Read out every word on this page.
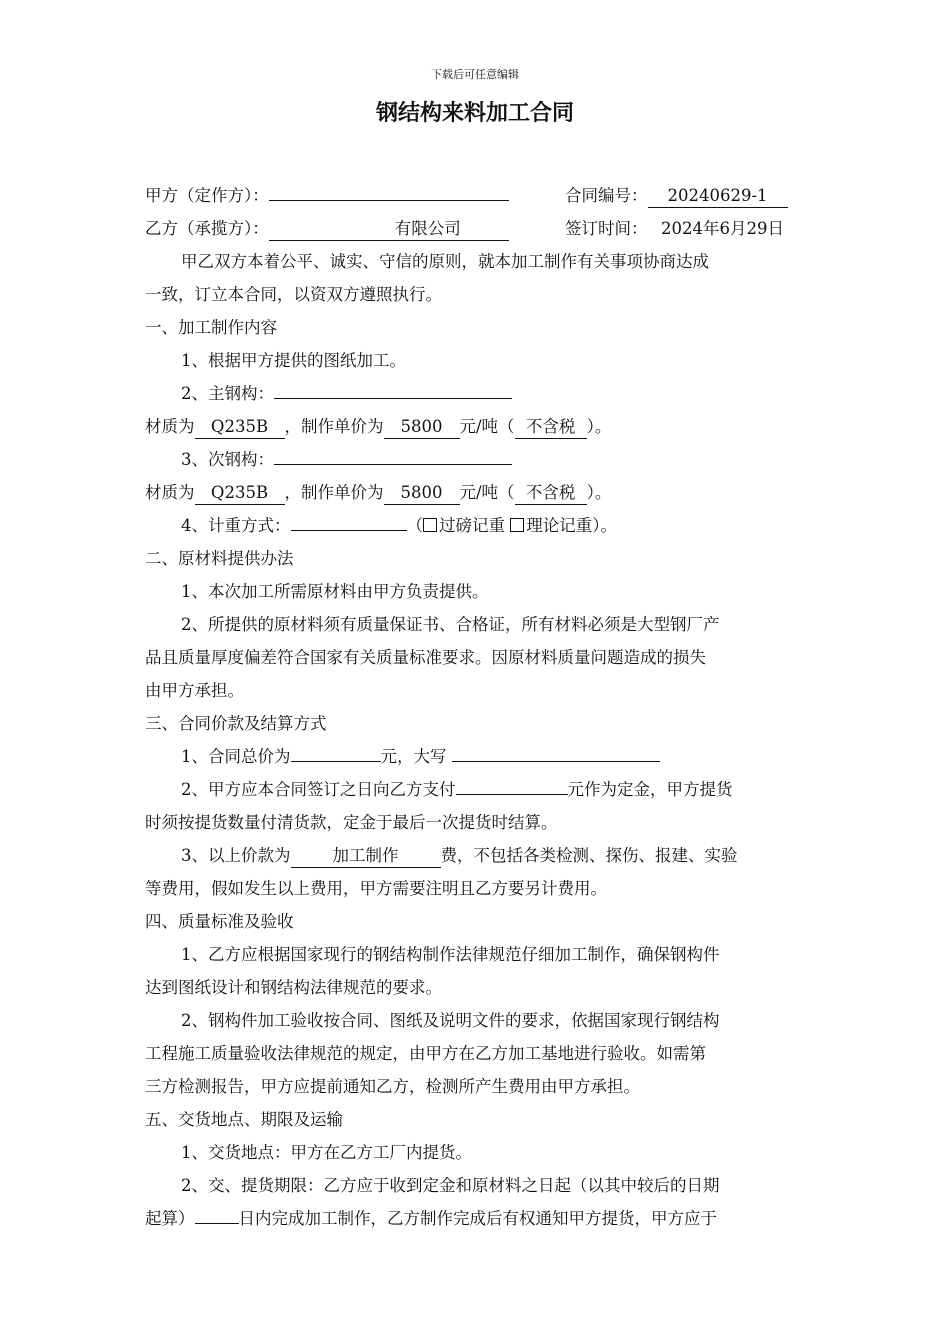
下载后可任意编辑
钢结构来料加工合同
甲方（定作方）：	合同编号： 20240629-1
乙方（承揽方）：	有限公司	签订时间： 2024年6月29日
甲乙双方本着公平、诚实、守信的原则，就本加工制作有关事项协商达成
一致，订立本合同，以资双方遵照执行。
一、加工制作内容
1、根据甲方提供的图纸加工。
2、主钢构：
材质为 Q235B ，制作单价为 5800 元/吨（ 不含税 ）。
3、次钢构：
材质为 Q235B ，制作单价为 5800 元/吨（ 不含税 ）。
4、计重方式：	（ 过磅记重 理论记重）。
二、原材料提供办法
1、本次加工所需原材料由甲方负责提供。
2、所提供的原材料须有质量保证书、合格证，所有材料必须是大型钢厂产
品且质量厚度偏差符合国家有关质量标准要求。因原材料质量问题造成的损失
由甲方承担。
三、合同价款及结算方式
1、合同总价为	元，大写
2、甲方应本合同签订之日向乙方支付	元作为定金，甲方提货
时须按提货数量付清货款，定金于最后一次提货时结算。
3、以上价款为	加工制作	费，不包括各类检测、探伤、报建、实验
等费用，假如发生以上费用，甲方需要注明且乙方要另计费用。
四、质量标准及验收
1、乙方应根据国家现行的钢结构制作法律规范仔细加工制作，确保钢构件
达到图纸设计和钢结构法律规范的要求。
2、钢构件加工验收按合同、图纸及说明文件的要求，依据国家现行钢结构
工程施工质量验收法律规范的规定，由甲方在乙方加工基地进行验收。如需第
三方检测报告，甲方应提前通知乙方，检测所产生费用由甲方承担。
五、交货地点、期限及运输
1、交货地点：甲方在乙方工厂内提货。
2、交、提货期限：乙方应于收到定金和原材料之日起（以其中较后的日期
起算）	日内完成加工制作，乙方制作完成后有权通知甲方提货，甲方应于
